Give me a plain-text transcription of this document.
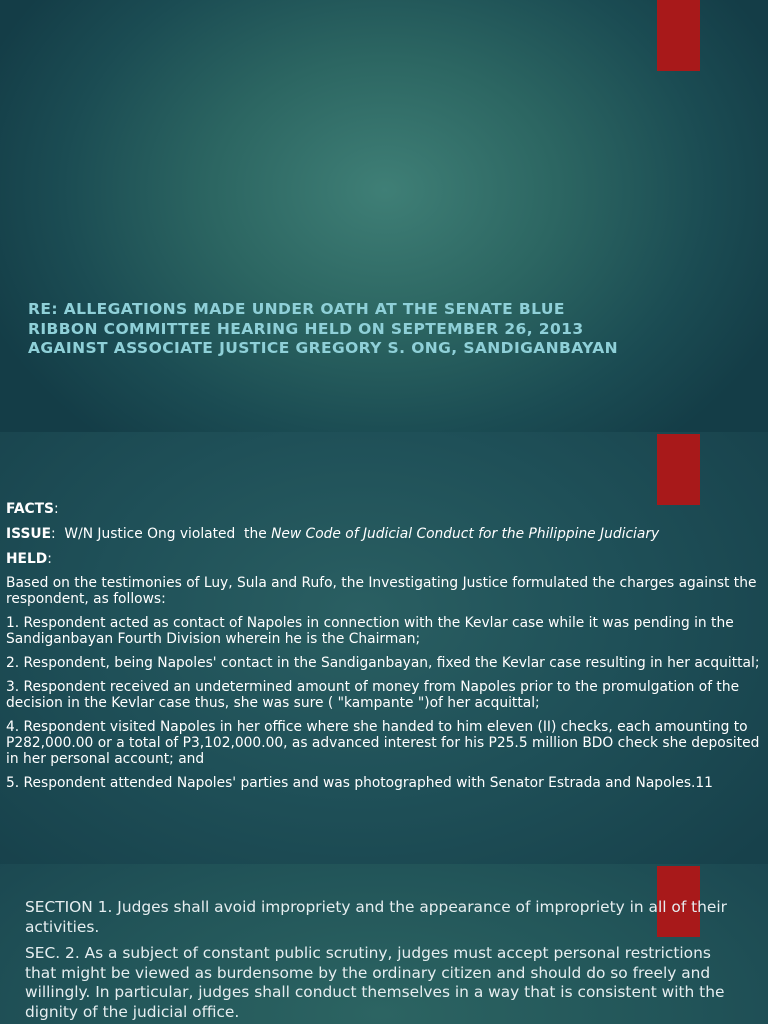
RE: ALLEGATIONS MADE UNDER OATH AT THE SENATE BLUE RIBBON COMMITTEE HEARING HELD ON SEPTEMBER 26, 2013 AGAINST ASSOCIATE JUSTICE GREGORY S. ONG, SANDIGANBAYAN

FACTS:

ISSUE:  W/N Justice Ong violated  the New Code of Judicial Conduct for the Philippine Judiciary

HELD:

Based on the testimonies of Luy, Sula and Rufo, the Investigating Justice formulated the charges against the respondent, as follows:

1. Respondent acted as contact of Napoles in connection with the Kevlar case while it was pending in the Sandiganbayan Fourth Division wherein he is the Chairman;

2. Respondent, being Napoles' contact in the Sandiganbayan, fixed the Kevlar case resulting in her acquittal;

3. Respondent received an undetermined amount of money from Napoles prior to the promulgation of the decision in the Kevlar case thus, she was sure ( "kampante ")of her acquittal;

4. Respondent visited Napoles in her office where she handed to him eleven (II) checks, each amounting to P282,000.00 or a total of P3,102,000.00, as advanced interest for his P25.5 million BDO check she deposited in her personal account; and

5. Respondent attended Napoles' parties and was photographed with Senator Estrada and Napoles.11

SECTION 1. Judges shall avoid impropriety and the appearance of impropriety in all of their activities.

SEC. 2. As a subject of constant public scrutiny, judges must accept personal restrictions that might be viewed as burdensome by the ordinary citizen and should do so freely and willingly. In particular, judges shall conduct themselves in a way that is consistent with the dignity of the judicial office.
